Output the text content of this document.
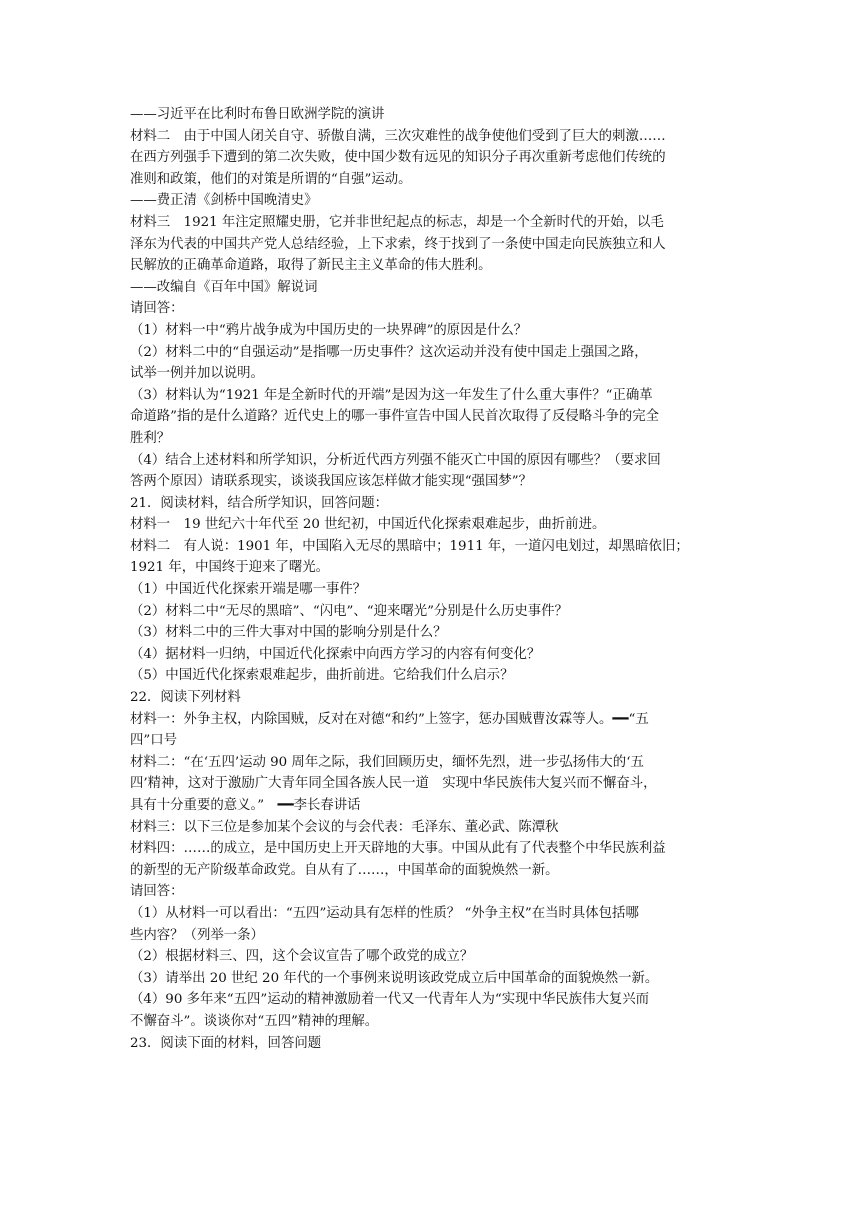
——习近平在比利时布鲁日欧洲学院的演讲
材料二　由于中国人闭关自守、骄傲自满，三次灾难性的战争使他们受到了巨大的刺激……
在西方列强手下遭到的第二次失败，使中国少数有远见的知识分子再次重新考虑他们传统的
准则和政策，他们的对策是所谓的“自强”运动。
——费正清《剑桥中国晚清史》
材料三　1921 年注定照耀史册，它并非世纪起点的标志，却是一个全新时代的开始，以毛
泽东为代表的中国共产党人总结经验，上下求索，终于找到了一条使中国走向民族独立和人
民解放的正确革命道路，取得了新民主主义革命的伟大胜利。
——改编自《百年中国》解说词
请回答：
（1）材料一中“鸦片战争成为中国历史的一块界碑”的原因是什么？
（2）材料二中的“自强运动”是指哪一历史事件？这次运动并没有使中国走上强国之路，
试举一例并加以说明。
（3）材料认为“1921 年是全新时代的开端”是因为这一年发生了什么重大事件？“正确革
命道路”指的是什么道路？近代史上的哪一事件宣告中国人民首次取得了反侵略斗争的完全
胜利？
（4）结合上述材料和所学知识，分析近代西方列强不能灭亡中国的原因有哪些？（要求回
答两个原因）请联系现实，谈谈我国应该怎样做才能实现“强国梦”？
21．阅读材料，结合所学知识，回答问题：
材料一　19 世纪六十年代至 20 世纪初，中国近代化探索艰难起步，曲折前进。
材料二　有人说：1901 年，中国陷入无尽的黑暗中；1911 年，一道闪电划过，却黑暗依旧；
1921 年，中国终于迎来了曙光。
（1）中国近代化探索开端是哪一事件？
（2）材料二中“无尽的黑暗”、“闪电”、“迎来曙光”分别是什么历史事件？
（3）材料二中的三件大事对中国的影响分别是什么？
（4）据材料一归纳，中国近代化探索中向西方学习的内容有何变化？
（5）中国近代化探索艰难起步，曲折前进。它给我们什么启示？
22．阅读下列材料
材料一：外争主权，内除国贼，反对在对德“和约”上签字，惩办国贼曹汝霖等人。━━“五
四”口号
材料二：“在‘五四’运动 90 周年之际，我们回顾历史，缅怀先烈，进一步弘扬伟大的‘五
四’精神，这对于激励广大青年同全国各族人民一道　实现中华民族伟大复兴而不懈奋斗，
具有十分重要的意义。”　━━李长春讲话
材料三：以下三位是参加某个会议的与会代表：毛泽东、董必武、陈潭秋
材料四：……的成立，是中国历史上开天辟地的大事。中国从此有了代表整个中华民族利益
的新型的无产阶级革命政党。自从有了……，中国革命的面貌焕然一新。
请回答：
（1）从材料一可以看出：“五四”运动具有怎样的性质？ “外争主权”在当时具体包括哪
些内容？（列举一条）
（2）根据材料三、四，这个会议宣告了哪个政党的成立？
（3）请举出 20 世纪 20 年代的一个事例来说明该政党成立后中国革命的面貌焕然一新。
（4）90 多年来“五四”运动的精神激励着一代又一代青年人为“实现中华民族伟大复兴而
不懈奋斗”。谈谈你对“五四”精神的理解。
23．阅读下面的材料，回答问题
